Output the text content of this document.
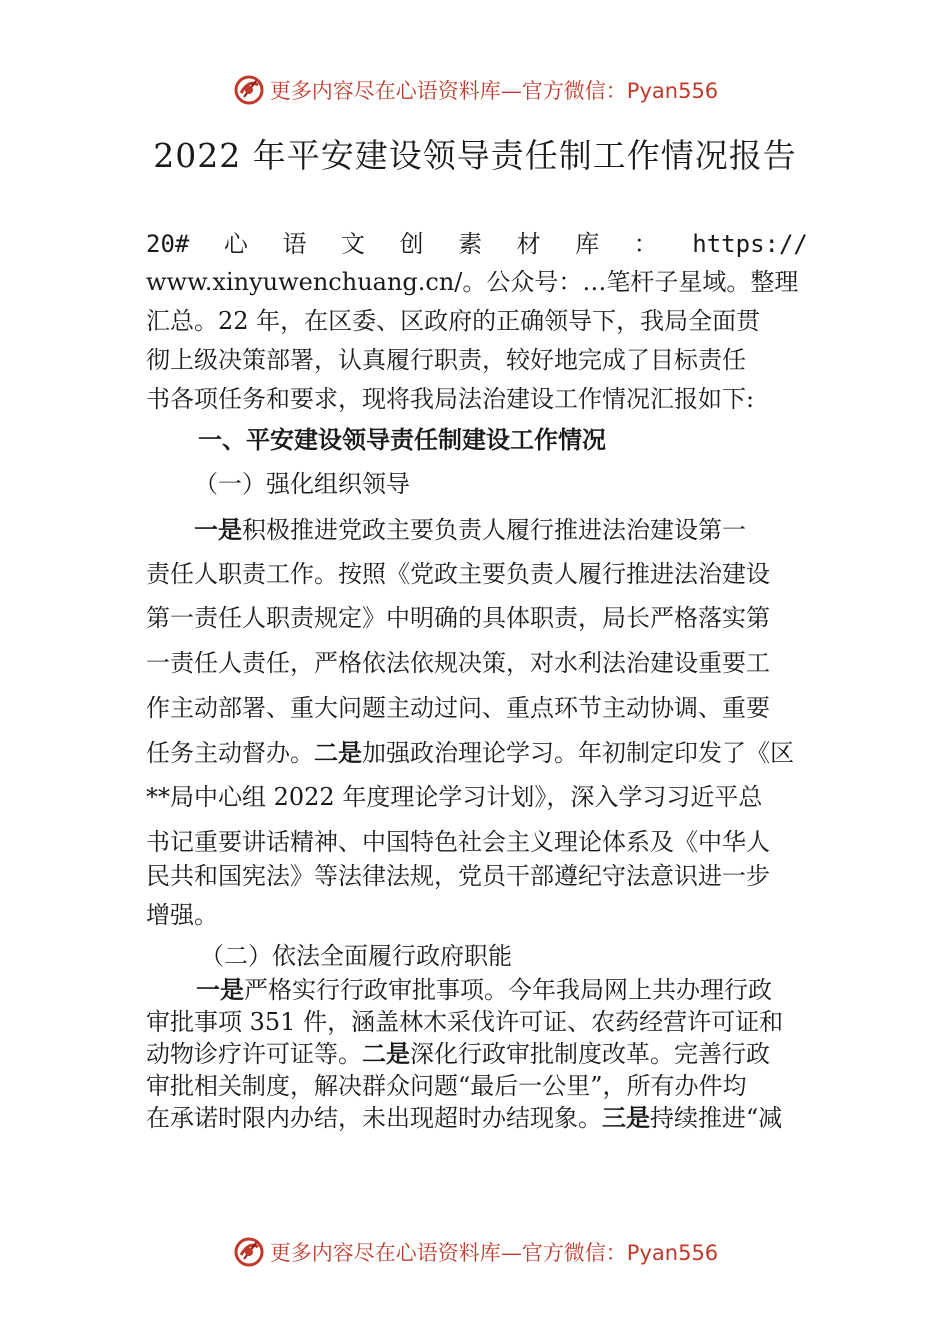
更多内容尽在心语资料库—官方微信：Pyan556
2022 年平安建设领导责任制工作情况报告
20# 心 语 文 创 素 材 库 ： https://
www.xinyuwenchuang.cn/。公众号：…笔杆子星域。整理
汇总。22 年，在区委、区政府的正确领导下，我局全面贯
彻上级决策部署，认真履行职责，较好地完成了目标责任
书各项任务和要求，现将我局法治建设工作情况汇报如下:
一、平安建设领导责任制建设工作情况
（一）强化组织领导
一是积极推进党政主要负责人履行推进法治建设第一
责任人职责工作。按照《党政主要负责人履行推进法治建设
第一责任人职责规定》中明确的具体职责，局长严格落实第
一责任人责任，严格依法依规决策，对水利法治建设重要工
作主动部署、重大问题主动过问、重点环节主动协调、重要
任务主动督办。二是加强政治理论学习。年初制定印发了《区
**局中心组 2022 年度理论学习计划》，深入学习习近平总
书记重要讲话精神、中国特色社会主义理论体系及《中华人
民共和国宪法》等法律法规，党员干部遵纪守法意识进一步
增强。
（二）依法全面履行政府职能
一是严格实行行政审批事项。今年我局网上共办理行政
审批事项 351 件，涵盖林木采伐许可证、农药经营许可证和
动物诊疗许可证等。二是深化行政审批制度改革。完善行政
审批相关制度，解决群众问题“最后一公里”，所有办件均
在承诺时限内办结，未出现超时办结现象。三是持续推进“减
更多内容尽在心语资料库—官方微信：Pyan556
